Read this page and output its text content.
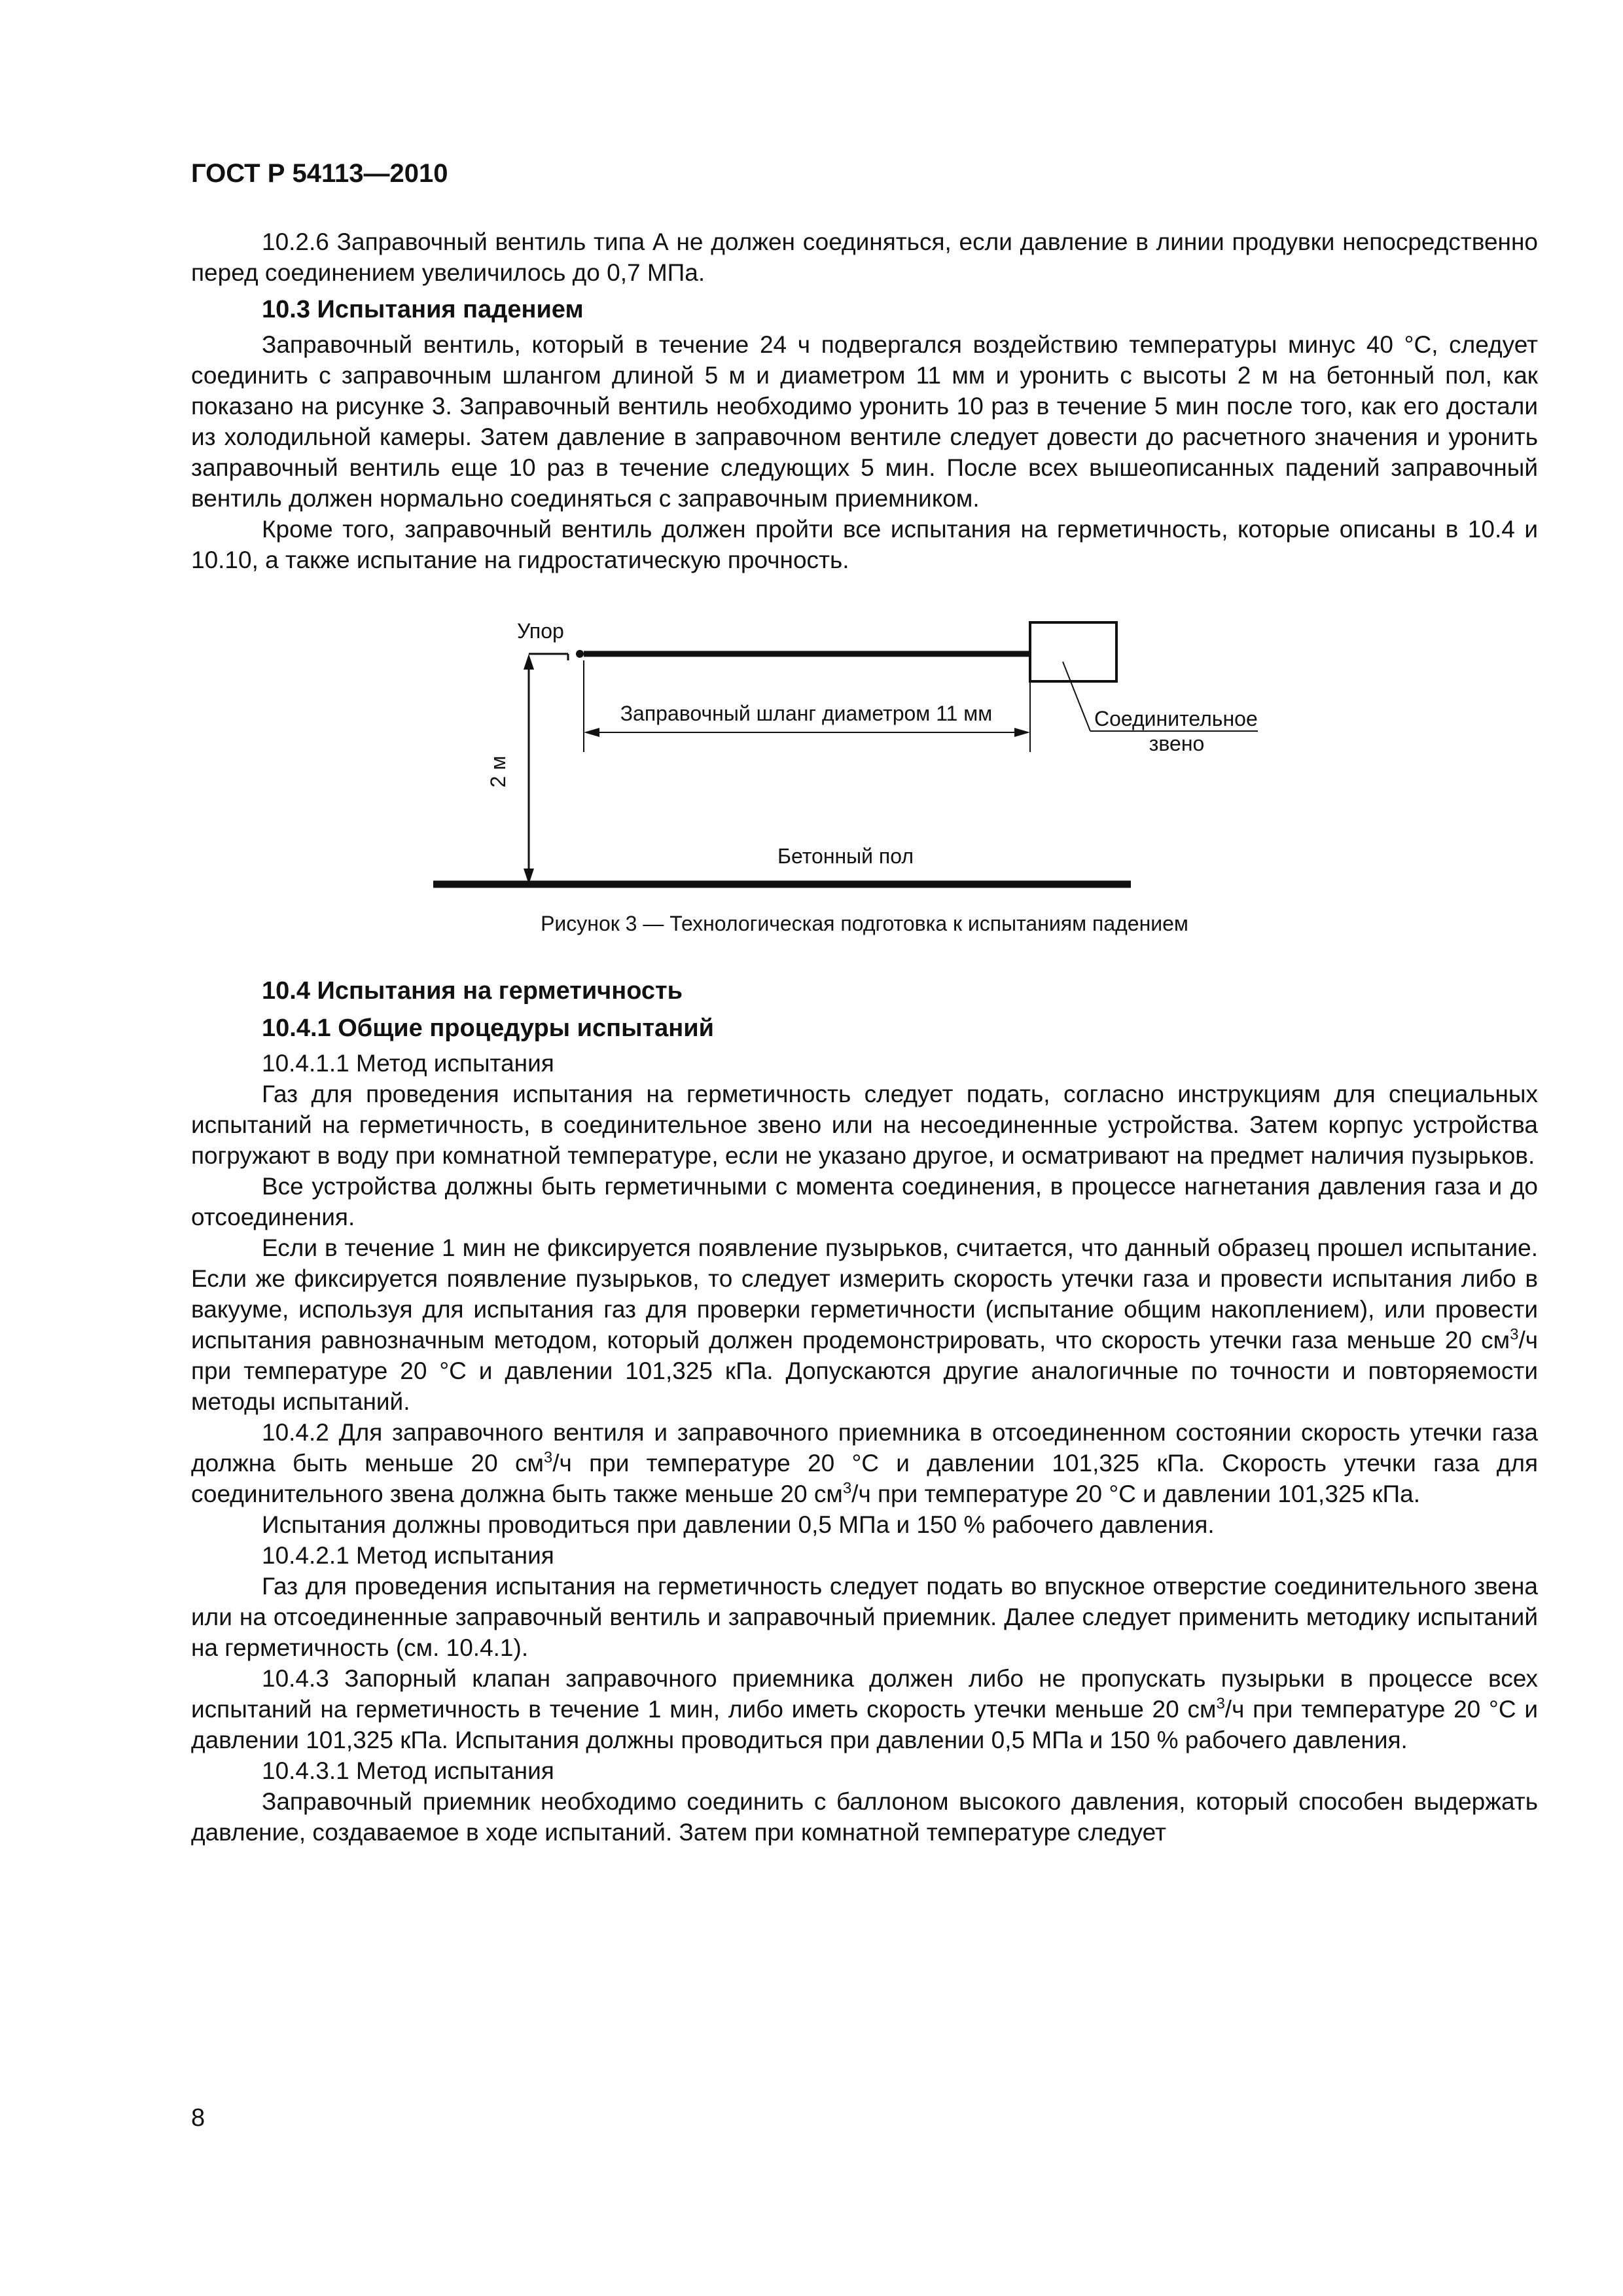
ГОСТ Р 54113—2010

10.2.6 Заправочный вентиль типа А не должен соединяться, если давление в линии продувки непосредственно перед соединением увеличилось до 0,7 МПа.

10.3 Испытания падением

Заправочный вентиль, который в течение 24 ч подвергался воздействию температуры минус 40 °С, следует соединить с заправочным шлангом длиной 5 м и диаметром 11 мм и уронить с высоты 2 м на бетонный пол, как показано на рисунке 3. Заправочный вентиль необходимо уронить 10 раз в течение 5 мин после того, как его достали из холодильной камеры. Затем давление в заправочном вентиле следует довести до расчетного значения и уронить заправочный вентиль еще 10 раз в течение следующих 5 мин. После всех вышеописанных падений заправочный вентиль должен нормально соединяться с заправочным приемником.

Кроме того, заправочный вентиль должен пройти все испытания на герметичность, которые описаны в 10.4 и 10.10, а также испытание на гидростатическую прочность.

2 м
Заправочный шланг диаметром 11 мм	Соединительное
звено
Упор
Бетонный пол
Рисунок 3 — Технологическая подготовка к испытаниям падением
10.4 Испытания на герметичность
10.4.1 Общие процедуры испытаний

10.4.1.1 Метод испытания

Газ для проведения испытания на герметичность следует подать, согласно инструкциям для специальных испытаний на герметичность, в соединительное звено или на несоединенные устройства. Затем корпус устройства погружают в воду при комнатной температуре, если не указано другое, и осматривают на предмет наличия пузырьков.

Все устройства должны быть герметичными с момента соединения, в процессе нагнетания давления газа и до отсоединения.

Если в течение 1 мин не фиксируется появление пузырьков, считается, что данный образец прошел испытание. Если же фиксируется появление пузырьков, то следует измерить скорость утечки газа и провести испытания либо в вакууме, используя для испытания газ для проверки герметичности (испытание общим накоплением), или провести испытания равнозначным методом, который должен продемонстрировать, что скорость утечки газа меньше 20 $см^3/ч$ при температуре 20 °С и давлении 101,325 кПа. Допускаются другие аналогичные по точности и повторяемости методы испытаний.

10.4.2 Для заправочного вентиля и заправочного приемника в отсоединенном состоянии скорость утечки газа должна быть меньше 20 $см^3/ч$ при температуре 20 °С и давлении 101,325 кПа. Скорость утечки газа для соединительного звена должна быть также меньше 20 $см^3/ч$ при температуре 20 °С и давлении 101,325 кПа.

Испытания должны проводиться при давлении 0,5 МПа и 150 % рабочего давления.

10.4.2.1 Метод испытания

Газ для проведения испытания на герметичность следует подать во впускное отверстие соединительного звена или на отсоединенные заправочный вентиль и заправочный приемник. Далее следует применить методику испытаний на герметичность (см. 10.4.1).

10.4.3 Запорный клапан заправочного приемника должен либо не пропускать пузырьки в процессе всех испытаний на герметичность в течение 1 мин, либо иметь скорость утечки меньше 20 $см^3/ч$ при температуре 20 °С и давлении 101,325 кПа. Испытания должны проводиться при давлении 0,5 МПа и 150 % рабочего давления.

10.4.3.1 Метод испытания

Заправочный приемник необходимо соединить с баллоном высокого давления, который способен выдержать давление, создаваемое в ходе испытаний. Затем при комнатной температуре следует

8
